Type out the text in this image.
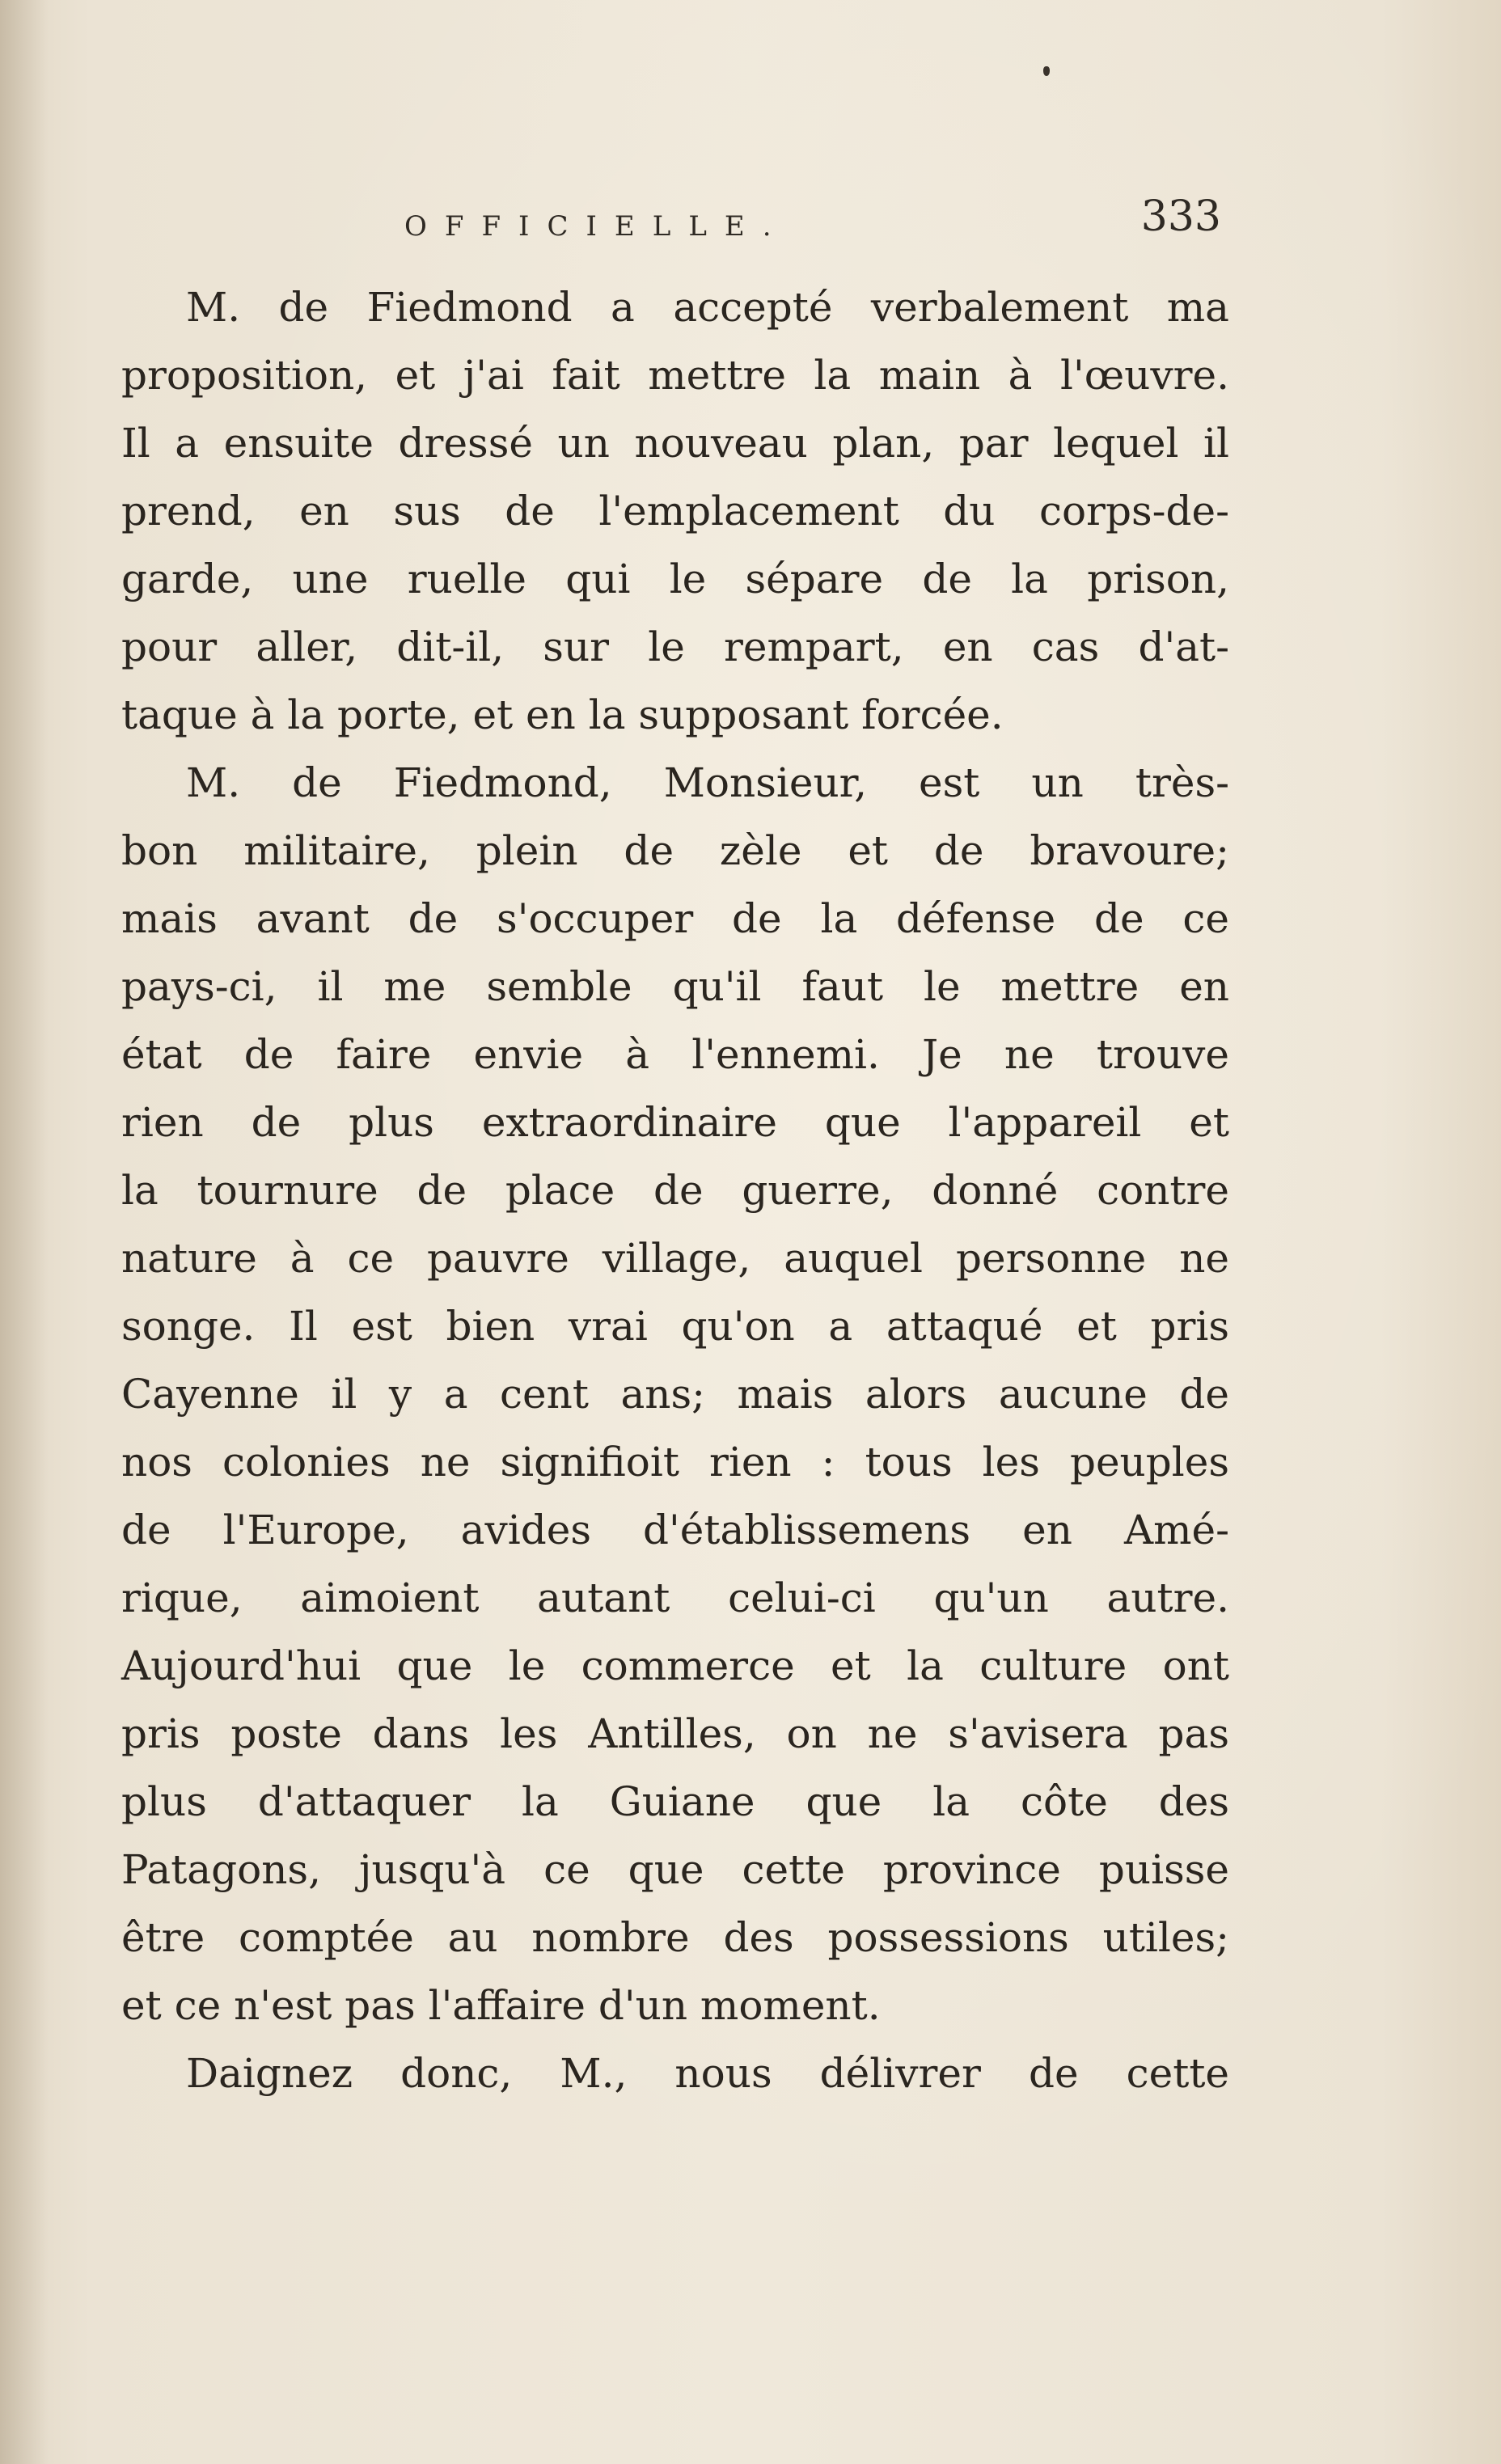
OFFICIELLE.	333
M. de Fiedmond a accepté verbalement ma
proposition, et j'ai fait mettre la main à l'œuvre.
Il a ensuite dressé un nouveau plan, par lequel il
prend, en sus de l'emplacement du corps-de-
garde, une ruelle qui le sépare de la prison,
pour aller, dit-il, sur le rempart, en cas d'at-
taque à la porte, et en la supposant forcée.
M. de Fiedmond, Monsieur, est un très-
bon militaire, plein de zèle et de bravoure;
mais avant de s'occuper de la défense de ce
pays-ci, il me semble qu'il faut le mettre en
état de faire envie à l'ennemi. Je ne trouve
rien de plus extraordinaire que l'appareil et
la tournure de place de guerre, donné contre
nature à ce pauvre village, auquel personne ne
songe. Il est bien vrai qu'on a attaqué et pris
Cayenne il y a cent ans; mais alors aucune de
nos colonies ne signifioit rien : tous les peuples
de l'Europe, avides d'établissemens en Amé-
rique, aimoient autant celui-ci qu'un autre.
Aujourd'hui que le commerce et la culture ont
pris poste dans les Antilles, on ne s'avisera pas
plus d'attaquer la Guiane que la côte des
Patagons, jusqu'à ce que cette province puisse
être comptée au nombre des possessions utiles;
et ce n'est pas l'affaire d'un moment.
Daignez donc, M., nous délivrer de cette
